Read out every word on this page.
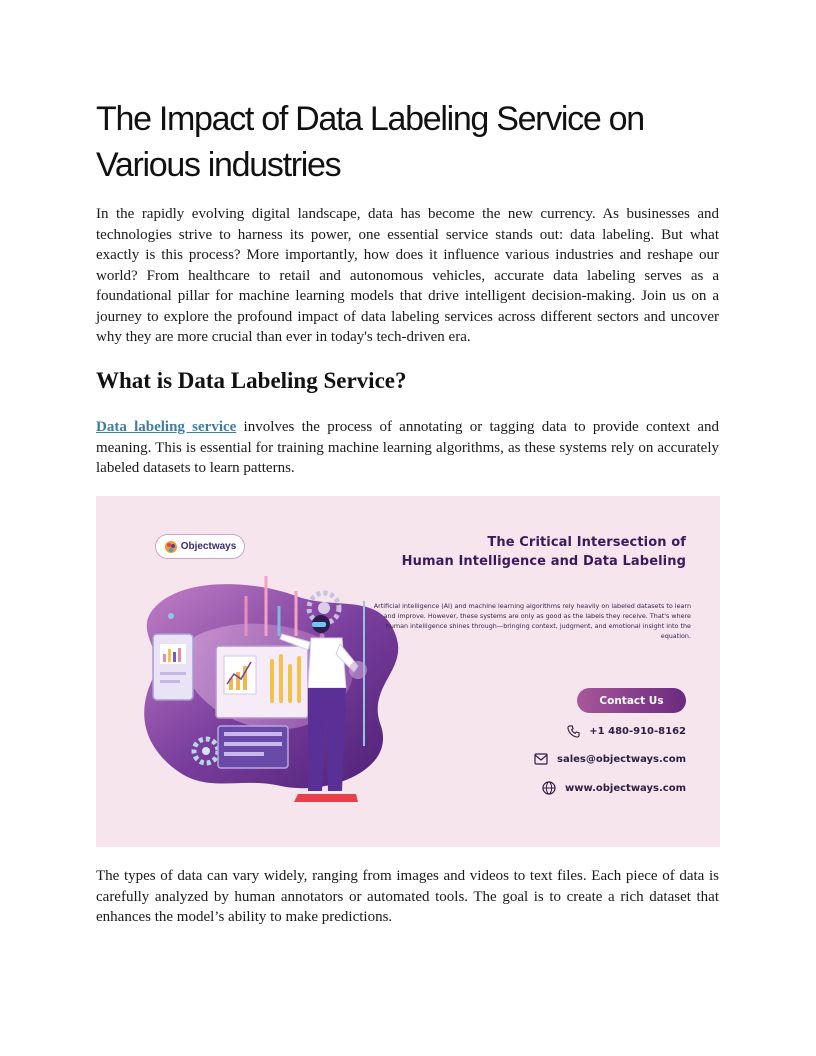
The Impact of Data Labeling Service on Various industries

In the rapidly evolving digital landscape, data has become the new currency. As businesses and technologies strive to harness its power, one essential service stands out: data labeling. But what exactly is this process? More importantly, how does it influence various industries and reshape our world? From healthcare to retail and autonomous vehicles, accurate data labeling serves as a foundational pillar for machine learning models that drive intelligent decision-making. Join us on a journey to explore the profound impact of data labeling services across different sectors and uncover why they are more crucial than ever in today's tech-driven era.

What is Data Labeling Service?

Data labeling service involves the process of annotating or tagging data to provide context and meaning. This is essential for training machine learning algorithms, as these systems rely on accurately labeled datasets to learn patterns.

Objectways	The Critical Intersection of
Human Intelligence and Data Labeling
Artificial intelligence (AI) and machine learning algorithms rely heavily on labeled datasets to learn and improve. However, these systems are only as good as the labels they receive. That's where human intelligence shines through—bringing context, judgment, and emotional insight into the equation.
Contact Us
+1 480-910-8162
sales@objectways.com
www.objectways.com

The types of data can vary widely, ranging from images and videos to text files. Each piece of data is carefully analyzed by human annotators or automated tools. The goal is to create a rich dataset that enhances the model’s ability to make predictions.
